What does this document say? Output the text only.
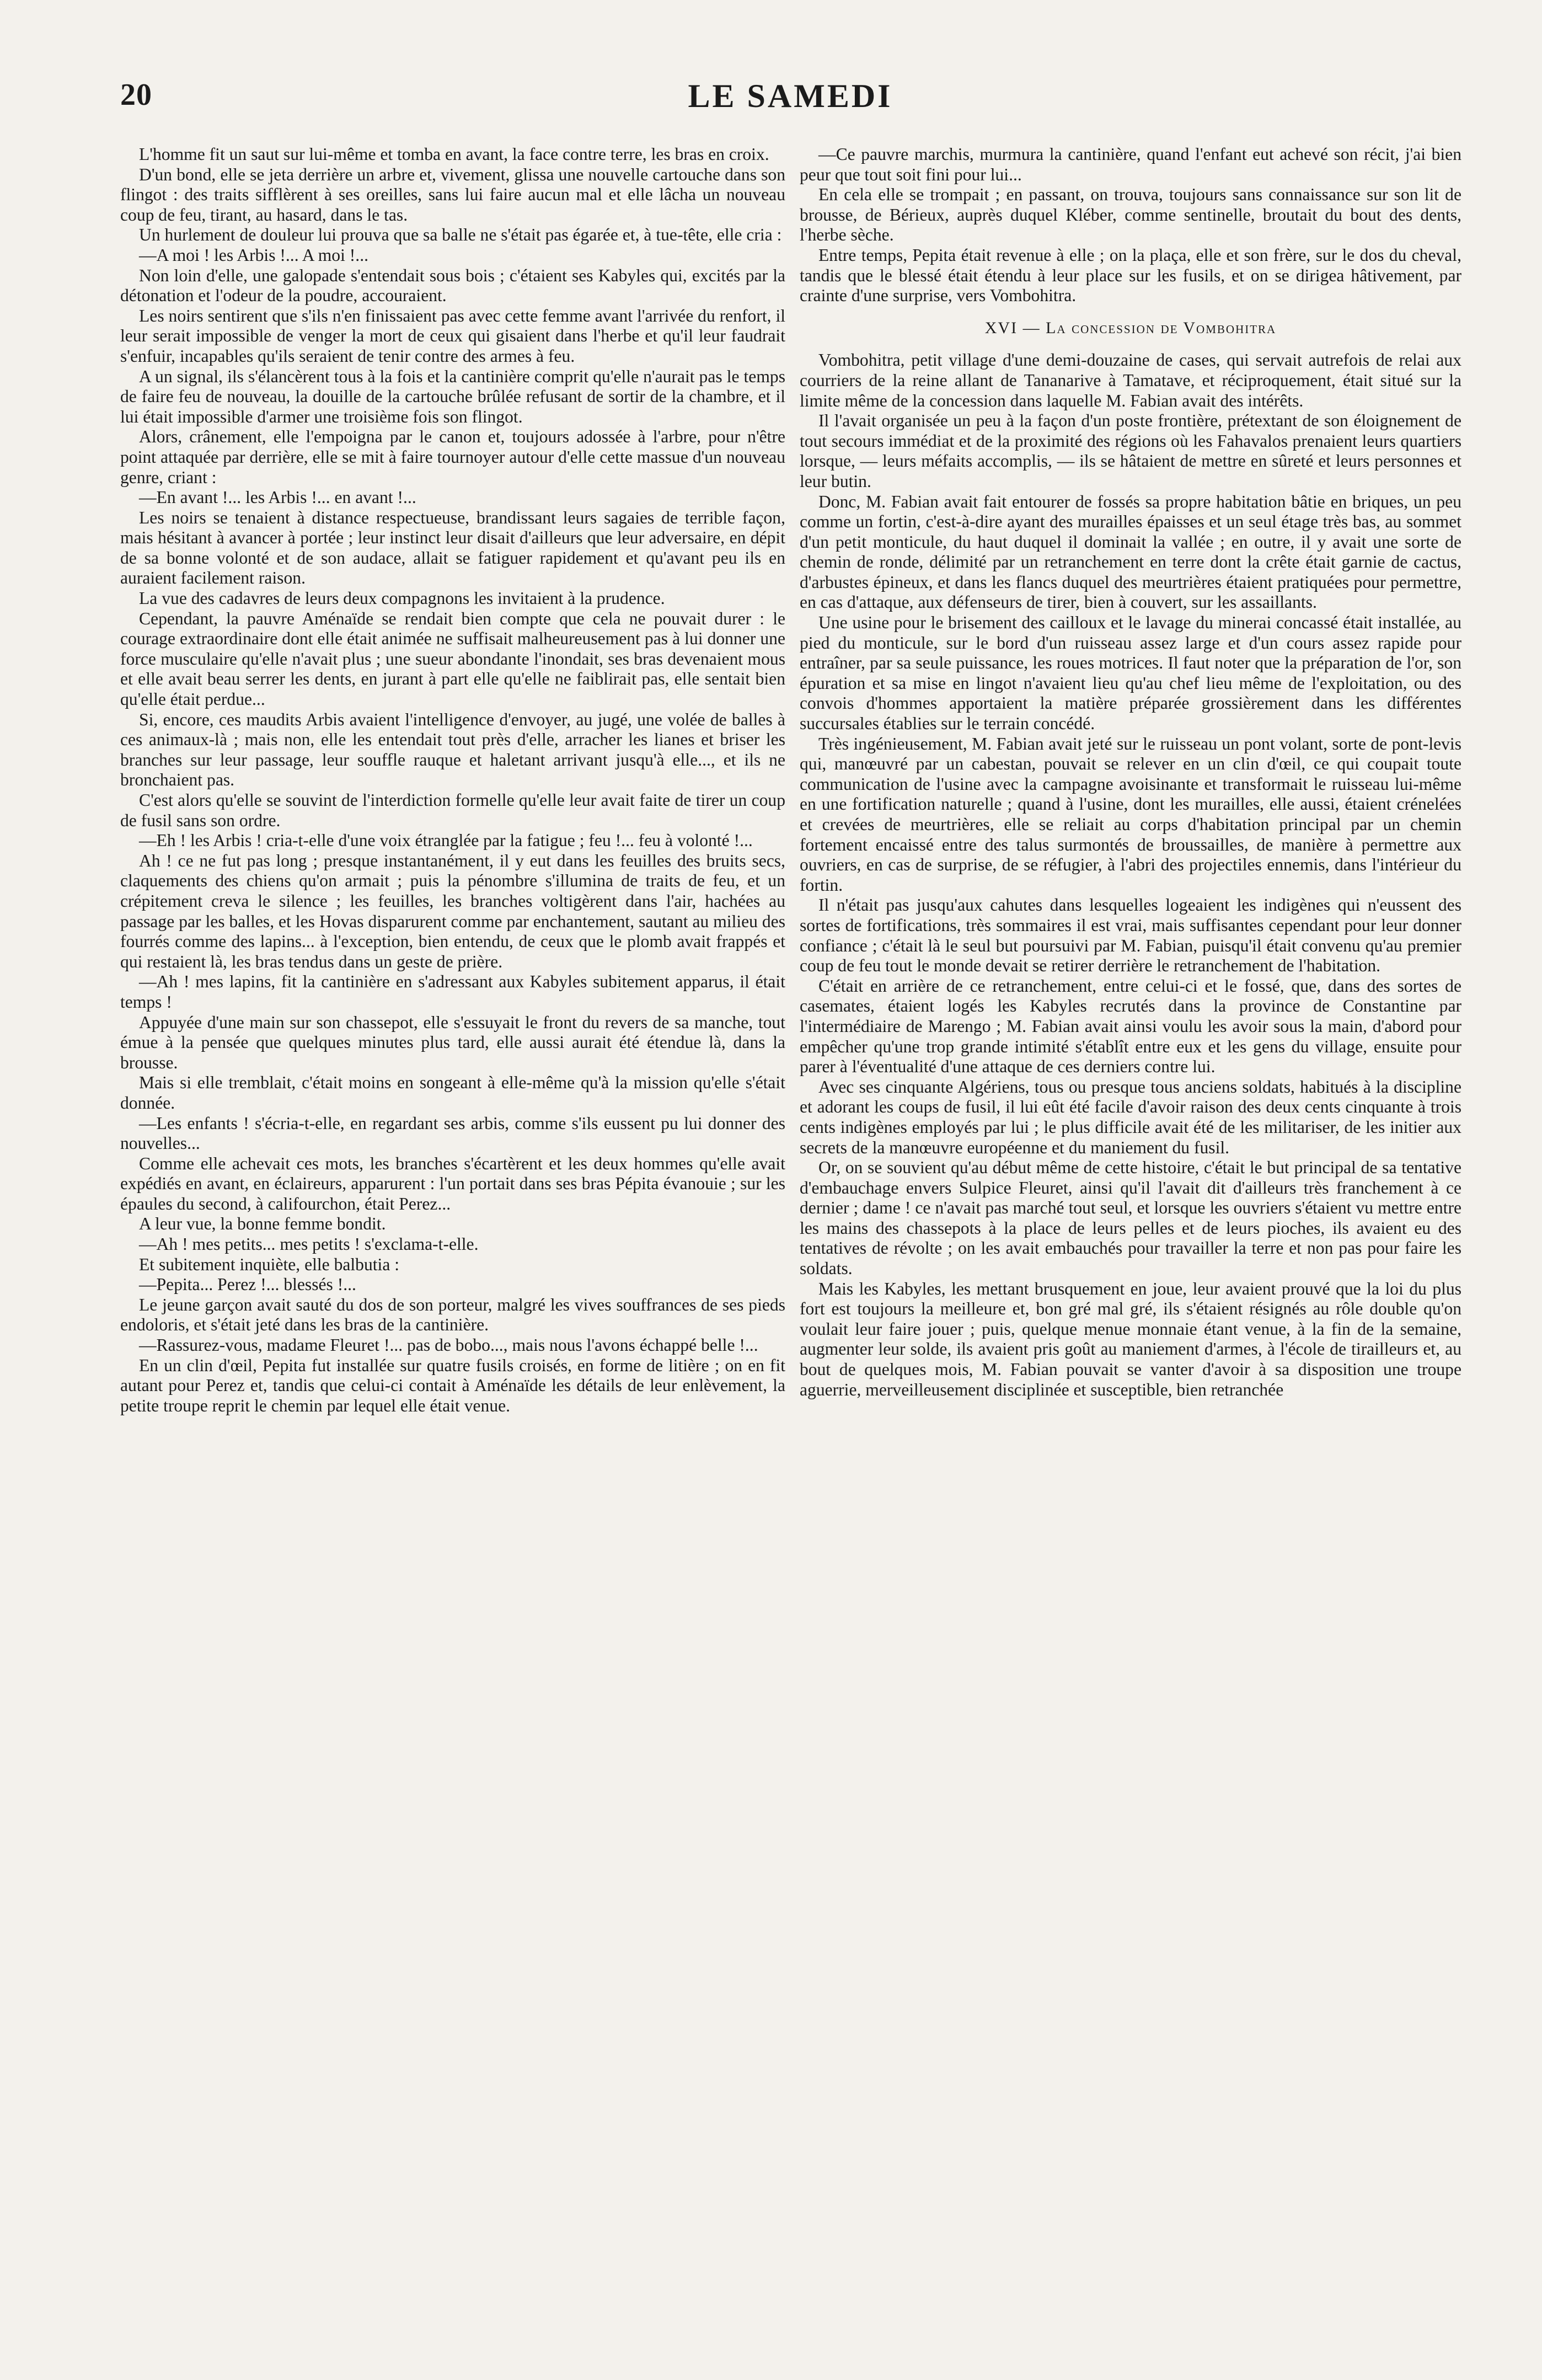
20	LE SAMEDI

L'homme fit un saut sur lui-même et tomba en avant, la face contre terre, les bras en croix.

D'un bond, elle se jeta derrière un arbre et, vivement, glissa une nouvelle cartouche dans son flingot : des traits sifflèrent à ses oreilles, sans lui faire aucun mal et elle lâcha un nouveau coup de feu, tirant, au hasard, dans le tas.

Un hurlement de douleur lui prouva que sa balle ne s'était pas égarée et, à tue-tête, elle cria :

—A moi ! les Arbis !... A moi !...

Non loin d'elle, une galopade s'entendait sous bois ; c'étaient ses Kabyles qui, excités par la détonation et l'odeur de la poudre, accouraient.

Les noirs sentirent que s'ils n'en finissaient pas avec cette femme avant l'arrivée du renfort, il leur serait impossible de venger la mort de ceux qui gisaient dans l'herbe et qu'il leur faudrait s'enfuir, incapables qu'ils seraient de tenir contre des armes à feu.

A un signal, ils s'élancèrent tous à la fois et la cantinière comprit qu'elle n'aurait pas le temps de faire feu de nouveau, la douille de la cartouche brûlée refusant de sortir de la chambre, et il lui était impossible d'armer une troisième fois son flingot.

Alors, crânement, elle l'empoigna par le canon et, toujours adossée à l'arbre, pour n'être point attaquée par derrière, elle se mit à faire tournoyer autour d'elle cette massue d'un nouveau genre, criant :

—En avant !... les Arbis !... en avant !...

Les noirs se tenaient à distance respectueuse, brandissant leurs sagaies de terrible façon, mais hésitant à avancer à portée ; leur instinct leur disait d'ailleurs que leur adversaire, en dépit de sa bonne volonté et de son audace, allait se fatiguer rapidement et qu'avant peu ils en auraient facilement raison.

La vue des cadavres de leurs deux compagnons les invitaient à la prudence.

Cependant, la pauvre Aménaïde se rendait bien compte que cela ne pouvait durer : le courage extraordinaire dont elle était animée ne suffisait malheureusement pas à lui donner une force musculaire qu'elle n'avait plus ; une sueur abondante l'inondait, ses bras devenaient mous et elle avait beau serrer les dents, en jurant à part elle qu'elle ne faiblirait pas, elle sentait bien qu'elle était perdue...

Si, encore, ces maudits Arbis avaient l'intelligence d'envoyer, au jugé, une volée de balles à ces animaux-là ; mais non, elle les entendait tout près d'elle, arracher les lianes et briser les branches sur leur passage, leur souffle rauque et haletant arrivant jusqu'à elle..., et ils ne bronchaient pas.

C'est alors qu'elle se souvint de l'interdiction formelle qu'elle leur avait faite de tirer un coup de fusil sans son ordre.

—Eh ! les Arbis ! cria-t-elle d'une voix étranglée par la fatigue ; feu !... feu à volonté !...

Ah ! ce ne fut pas long ; presque instantanément, il y eut dans les feuilles des bruits secs, claquements des chiens qu'on armait ; puis la pénombre s'illumina de traits de feu, et un crépitement creva le silence ; les feuilles, les branches voltigèrent dans l'air, hachées au passage par les balles, et les Hovas disparurent comme par enchantement, sautant au milieu des fourrés comme des lapins... à l'exception, bien entendu, de ceux que le plomb avait frappés et qui restaient là, les bras tendus dans un geste de prière.

—Ah ! mes lapins, fit la cantinière en s'adressant aux Kabyles subitement apparus, il était temps !

Appuyée d'une main sur son chassepot, elle s'essuyait le front du revers de sa manche, tout émue à la pensée que quelques minutes plus tard, elle aussi aurait été étendue là, dans la brousse.

Mais si elle tremblait, c'était moins en songeant à elle-même qu'à la mission qu'elle s'était donnée.

—Les enfants ! s'écria-t-elle, en regardant ses arbis, comme s'ils eussent pu lui donner des nouvelles...

Comme elle achevait ces mots, les branches s'écartèrent et les deux hommes qu'elle avait expédiés en avant, en éclaireurs, apparurent : l'un portait dans ses bras Pépita évanouie ; sur les épaules du second, à califourchon, était Perez...

A leur vue, la bonne femme bondit.

—Ah ! mes petits... mes petits ! s'exclama-t-elle.

Et subitement inquiète, elle balbutia :

—Pepita... Perez !... blessés !...

Le jeune garçon avait sauté du dos de son porteur, malgré les vives souffrances de ses pieds endoloris, et s'était jeté dans les bras de la cantinière.

—Rassurez-vous, madame Fleuret !... pas de bobo..., mais nous l'avons échappé belle !...

En un clin d'œil, Pepita fut installée sur quatre fusils croisés, en forme de litière ; on en fit autant pour Perez et, tandis que celui-ci contait à Aménaïde les détails de leur enlèvement, la petite troupe reprit le chemin par lequel elle était venue.

—Ce pauvre marchis, murmura la cantinière, quand l'enfant eut achevé son récit, j'ai bien peur que tout soit fini pour lui...

En cela elle se trompait ; en passant, on trouva, toujours sans connaissance sur son lit de brousse, de Bérieux, auprès duquel Kléber, comme sentinelle, broutait du bout des dents, l'herbe sèche.

Entre temps, Pepita était revenue à elle ; on la plaça, elle et son frère, sur le dos du cheval, tandis que le blessé était étendu à leur place sur les fusils, et on se dirigea hâtivement, par crainte d'une surprise, vers Vombohitra.

XVI — La concession de Vombohitra

Vombohitra, petit village d'une demi-douzaine de cases, qui servait autrefois de relai aux courriers de la reine allant de Tananarive à Tamatave, et réciproquement, était situé sur la limite même de la concession dans laquelle M. Fabian avait des intérêts.

Il l'avait organisée un peu à la façon d'un poste frontière, prétextant de son éloignement de tout secours immédiat et de la proximité des régions où les Fahavalos prenaient leurs quartiers lorsque, — leurs méfaits accomplis, — ils se hâtaient de mettre en sûreté et leurs personnes et leur butin.

Donc, M. Fabian avait fait entourer de fossés sa propre habitation bâtie en briques, un peu comme un fortin, c'est-à-dire ayant des murailles épaisses et un seul étage très bas, au sommet d'un petit monticule, du haut duquel il dominait la vallée ; en outre, il y avait une sorte de chemin de ronde, délimité par un retranchement en terre dont la crête était garnie de cactus, d'arbustes épineux, et dans les flancs duquel des meurtrières étaient pratiquées pour permettre, en cas d'attaque, aux défenseurs de tirer, bien à couvert, sur les assaillants.

Une usine pour le brisement des cailloux et le lavage du minerai concassé était installée, au pied du monticule, sur le bord d'un ruisseau assez large et d'un cours assez rapide pour entraîner, par sa seule puissance, les roues motrices. Il faut noter que la préparation de l'or, son épuration et sa mise en lingot n'avaient lieu qu'au chef lieu même de l'exploitation, ou des convois d'hommes apportaient la matière préparée grossièrement dans les différentes succursales établies sur le terrain concédé.

Très ingénieusement, M. Fabian avait jeté sur le ruisseau un pont volant, sorte de pont-levis qui, manœuvré par un cabestan, pouvait se relever en un clin d'œil, ce qui coupait toute communication de l'usine avec la campagne avoisinante et transformait le ruisseau lui-même en une fortification naturelle ; quand à l'usine, dont les murailles, elle aussi, étaient crénelées et crevées de meurtrières, elle se reliait au corps d'habitation principal par un chemin fortement encaissé entre des talus surmontés de broussailles, de manière à permettre aux ouvriers, en cas de surprise, de se réfugier, à l'abri des projectiles ennemis, dans l'intérieur du fortin.

Il n'était pas jusqu'aux cahutes dans lesquelles logeaient les indigènes qui n'eussent des sortes de fortifications, très sommaires il est vrai, mais suffisantes cependant pour leur donner confiance ; c'était là le seul but poursuivi par M. Fabian, puisqu'il était convenu qu'au premier coup de feu tout le monde devait se retirer derrière le retranchement de l'habitation.

C'était en arrière de ce retranchement, entre celui-ci et le fossé, que, dans des sortes de casemates, étaient logés les Kabyles recrutés dans la province de Constantine par l'intermédiaire de Marengo ; M. Fabian avait ainsi voulu les avoir sous la main, d'abord pour empêcher qu'une trop grande intimité s'établît entre eux et les gens du village, ensuite pour parer à l'éventualité d'une attaque de ces derniers contre lui.

Avec ses cinquante Algériens, tous ou presque tous anciens soldats, habitués à la discipline et adorant les coups de fusil, il lui eût été facile d'avoir raison des deux cents cinquante à trois cents indigènes employés par lui ; le plus difficile avait été de les militariser, de les initier aux secrets de la manœuvre européenne et du maniement du fusil.

Or, on se souvient qu'au début même de cette histoire, c'était le but principal de sa tentative d'embauchage envers Sulpice Fleuret, ainsi qu'il l'avait dit d'ailleurs très franchement à ce dernier ; dame ! ce n'avait pas marché tout seul, et lorsque les ouvriers s'étaient vu mettre entre les mains des chassepots à la place de leurs pelles et de leurs pioches, ils avaient eu des tentatives de révolte ; on les avait embauchés pour travailler la terre et non pas pour faire les soldats.

Mais les Kabyles, les mettant brusquement en joue, leur avaient prouvé que la loi du plus fort est toujours la meilleure et, bon gré mal gré, ils s'étaient résignés au rôle double qu'on voulait leur faire jouer ; puis, quelque menue monnaie étant venue, à la fin de la semaine, augmenter leur solde, ils avaient pris goût au maniement d'armes, à l'école de tirailleurs et, au bout de quelques mois, M. Fabian pouvait se vanter d'avoir à sa disposition une troupe aguerrie, merveilleusement disciplinée et susceptible, bien retranchée
